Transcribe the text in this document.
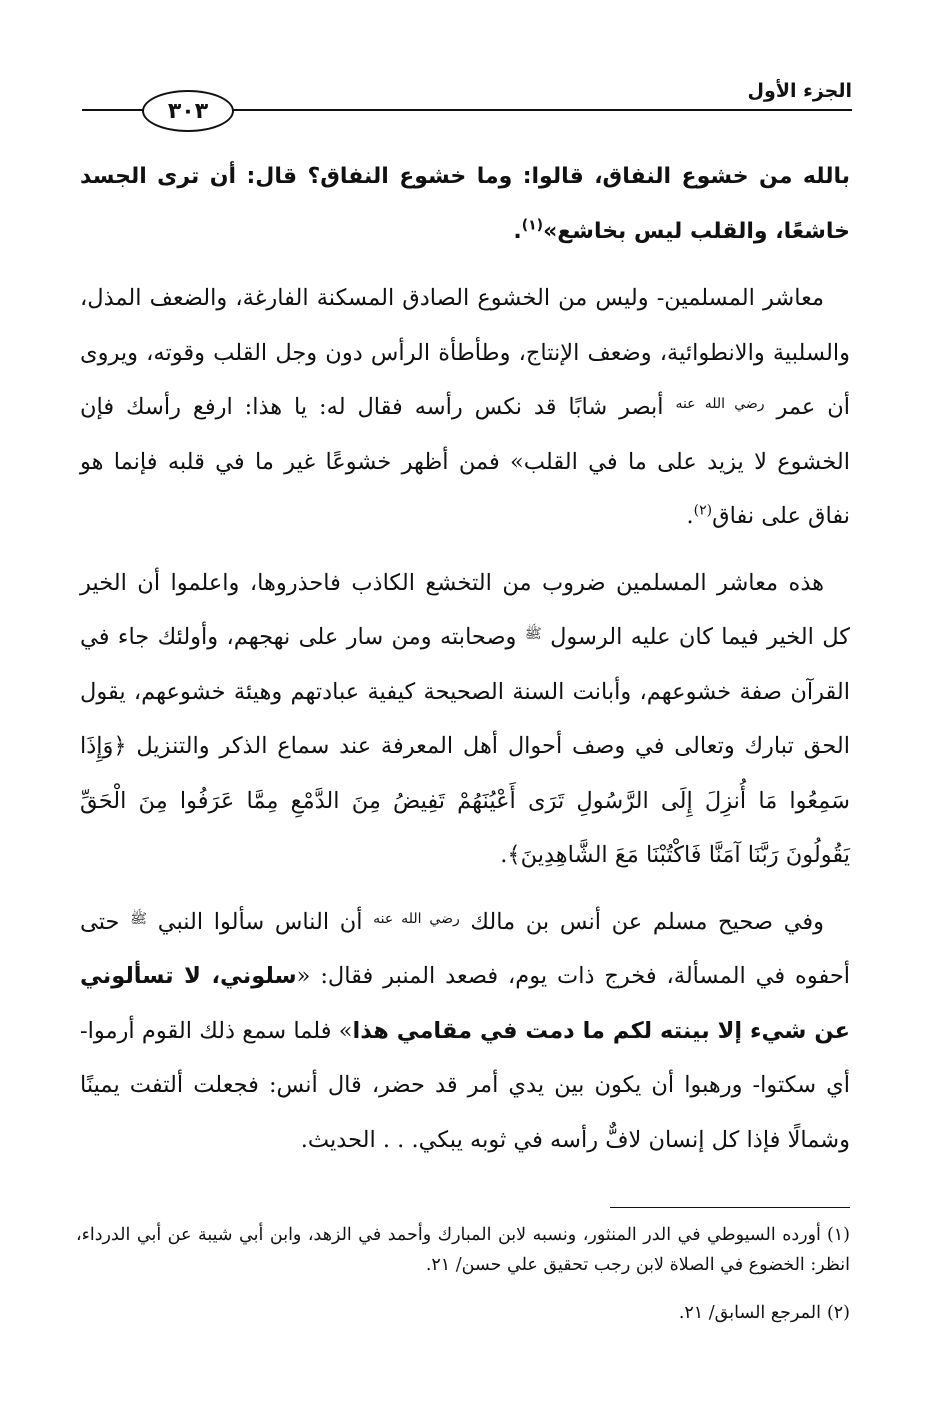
الجزء الأول
٣٠٣

بالله من خشوع النفاق، قالوا: وما خشوع النفاق؟ قال: أن ترى الجسد خاشعًا، والقلب ليس بخاشع»$^{(١)}$.

معاشر المسلمين- وليس من الخشوع الصادق المسكنة الفارغة، والضعف المذل، والسلبية والانطوائية، وضعف الإنتاج، وطأطأة الرأس دون وجل القلب وقوته، ويروى أن عمر $^{رضي الله عنه}$ أبصر شابًا قد نكس رأسه فقال له: يا هذا: ارفع رأسك فإن الخشوع لا يزيد على ما في القلب» فمن أظهر خشوعًا غير ما في قلبه فإنما هو نفاق على نفاق$^{(٢)}$.

هذه معاشر المسلمين ضروب من التخشع الكاذب فاحذروها، واعلموا أن الخير كل الخير فيما كان عليه الرسول $^ﷺ$ وصحابته ومن سار على نهجهم، وأولئك جاء في القرآن صفة خشوعهم، وأبانت السنة الصحيحة كيفية عبادتهم وهيئة خشوعهم، يقول الحق تبارك وتعالى في وصف أحوال أهل المعرفة عند سماع الذكر والتنزيل ﴿وَإِذَا سَمِعُوا مَا أُنزِلَ إِلَى الرَّسُولِ تَرَى أَعْيُنَهُمْ تَفِيضُ مِنَ الدَّمْعِ مِمَّا عَرَفُوا مِنَ الْحَقِّ يَقُولُونَ رَبَّنَا آمَنَّا فَاكْتُبْنَا مَعَ الشَّاهِدِينَ﴾.

وفي صحيح مسلم عن أنس بن مالك $^{رضي الله عنه}$ أن الناس سألوا النبي $^ﷺ$ حتى أحفوه في المسألة، فخرج ذات يوم، فصعد المنبر فقال: «سلوني، لا تسألوني عن شيء إلا بينته لكم ما دمت في مقامي هذا» فلما سمع ذلك القوم أرموا- أي سكتوا- ورهبوا أن يكون بين يدي أمر قد حضر، قال أنس: فجعلت ألتفت يمينًا وشمالًا فإذا كل إنسان لافٌّ رأسه في ثوبه يبكي. . . الحديث.

(١)أورده السيوطي في الدر المنثور، ونسبه لابن المبارك وأحمد في الزهد، وابن أبي شيبة عن أبي الدرداء، انظر: الخضوع في الصلاة لابن رجب تحقيق علي حسن/ ٢١.

(٢)المرجع السابق/ ٢١.
